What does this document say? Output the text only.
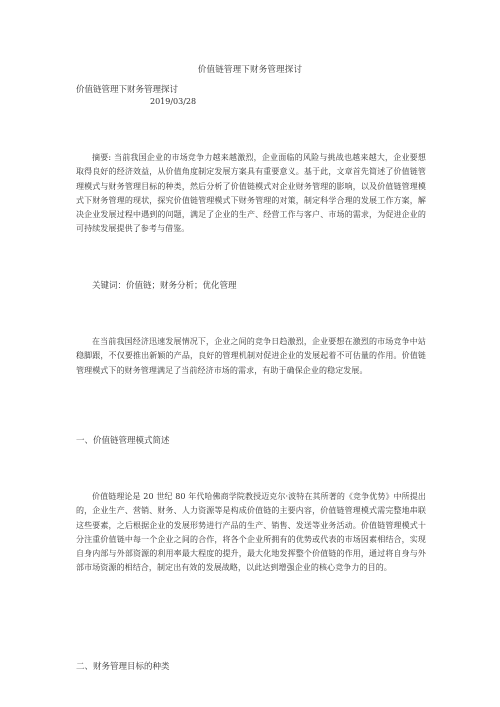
价值链管理下财务管理探讨
价值链管理下财务管理探讨
2019/03/28
摘要: 当前我国企业的市场竞争力越来越激烈，企业面临的风险与挑战也越来越大，企业要想取得良好的经济效益，从价值角度制定发展方案具有重要意义。基于此，文章首先简述了价值链管理模式与财务管理目标的种类，然后分析了价值链模式对企业财务管理的影响，以及价值链管理模式下财务管理的现状，探究价值链管理模式下财务管理的对策，制定科学合理的发展工作方案，解决企业发展过程中遇到的问题，满足了企业的生产、经营工作与客户、市场的需求，为促进企业的可持续发展提供了参考与借鉴。
关键词：价值链；财务分析；优化管理
在当前我国经济迅速发展情况下，企业之间的竞争日趋激烈，企业要想在激烈的市场竞争中站稳脚跟，不仅要推出新颖的产品，良好的管理机制对促进企业的发展起着不可估量的作用。价值链管理模式下的财务管理满足了当前经济市场的需求，有助于确保企业的稳定发展。
一、价值链管理模式简述
价值链理论是 20 世纪 80 年代哈佛商学院教授迈克尔·波特在其所著的《竞争优势》中所提出的，企业生产、营销、财务、人力资源等是构成价值链的主要内容，价值链管理模式需完整地串联这些要素，之后根据企业的发展形势进行产品的生产、销售、发送等业务活动。价值链管理模式十分注重价值链中每一个企业之间的合作，将各个企业所拥有的优势或代表的市场因素相结合，实现自身内部与外部资源的利用率最大程度的提升，最大化地发挥整个价值链的作用，通过将自身与外部市场资源的相结合，制定出有效的发展战略，以此达到增强企业的核心竞争力的目的。
二、财务管理目标的种类
